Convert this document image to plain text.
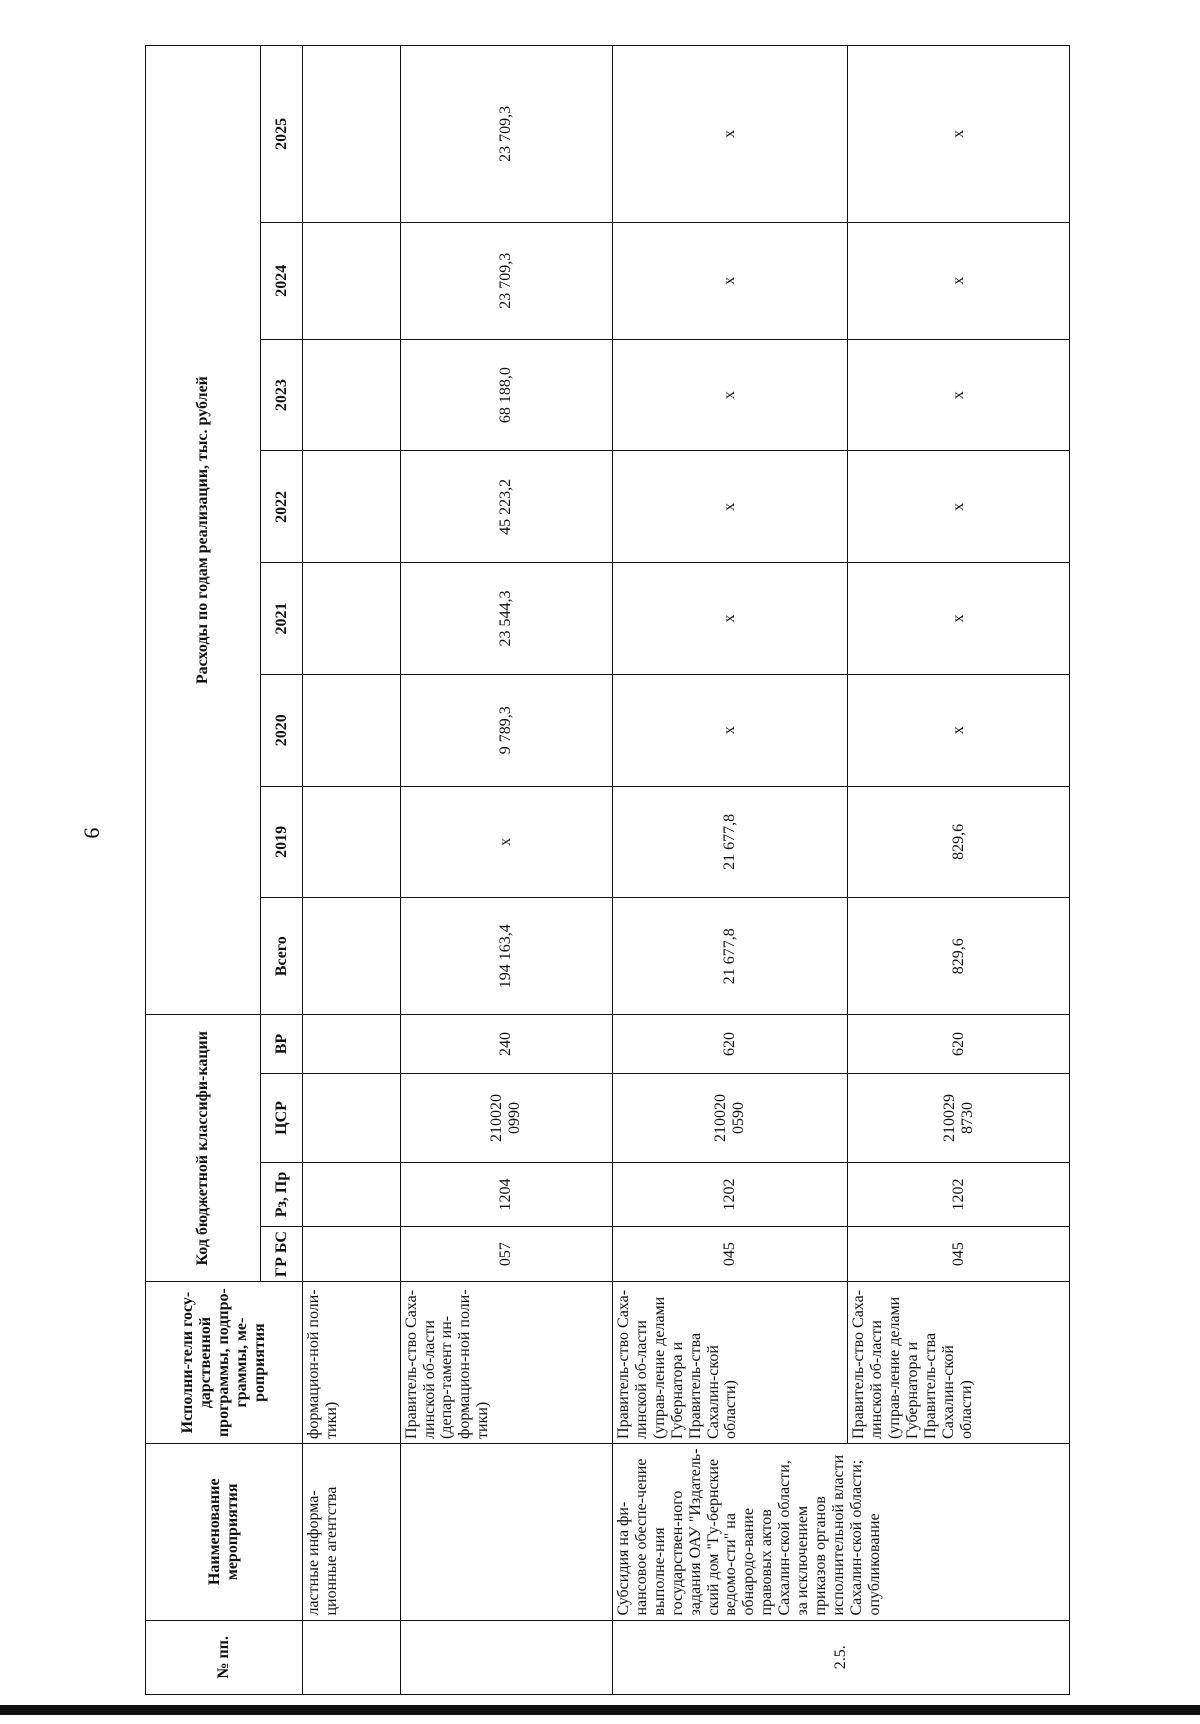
9
№ пп.	Наименование мероприятия	Исполни-тели госу-дарственной программы, подпро-граммы, ме-роприятия	Код бюджетной классифи-кации				Расходы по годам реализации, тыс. рублей							
			ГР БС	Рз, Пр	ЦСР	ВР	Всего	2019	2020	2021	2022	2023	2024	2025
	ластные информа-ционные агентства	формацион-ной поли-тики)												
		Правитель-ство Саха-линской об-ласти (депар-тамент ин-формацион-ной поли-тики)	057	1204	210020 0990	240	194 163,4	x	9 789,3	23 544,3	45 223,2	68 188,0	23 709,3	23 709,3
2.5.	Субсидия на фи-нансовое обеспе-чение выполне-ния государствен-ного задания ОАУ "Издатель-ский дом "Гу-бернские ведомо-сти" на обнародо-вание правовых актов Сахалин-ской области, за исключением приказов органов исполнительной власти Сахалин-ской области; опубликование	Правитель-ство Саха-линской об-ласти (управ-ление делами Губернатора и Правитель-ства Сахалин-ской области)	045	1202	210020 0590	620	21 677,8	21 677,8	x	x	x	x	x	x
		Правитель-ство Саха-линской об-ласти (управ-ление делами Губернатора и Правитель-ства Сахалин-ской области)	045	1202	210029 8730	620	829,6	829,6	x	x	x	x	x	x
